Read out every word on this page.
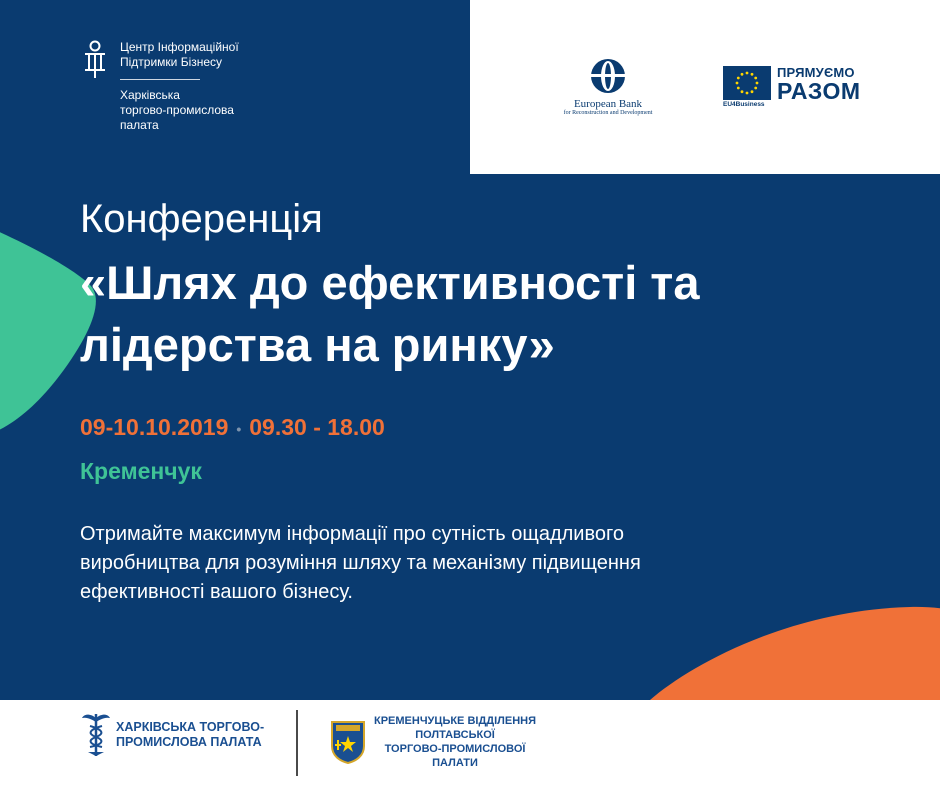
Центр Інформаційної
Підтримки Бізнесу
Харківська
торгово-промислова
палата
European Bank
for Reconstruction and Development
EU4Business
ПРЯМУЄМО
РАЗОМ
Конференція
«Шлях до ефективності та
лідерства на ринку»
09-10.10.2019 • 09.30 - 18.00
Кременчук
Отримайте максимум інформації про сутність ощадливого
виробництва для розуміння шляху та механізму підвищення
ефективності вашого бізнесу.
ХАРКІВСЬКА ТОРГОВО-
ПРОМИСЛОВА ПАЛАТА
КРЕМЕНЧУЦЬКЕ ВІДДІЛЕННЯ
ПОЛТАВСЬКОЇ
ТОРГОВО-ПРОМИСЛОВОЇ
ПАЛАТИ
